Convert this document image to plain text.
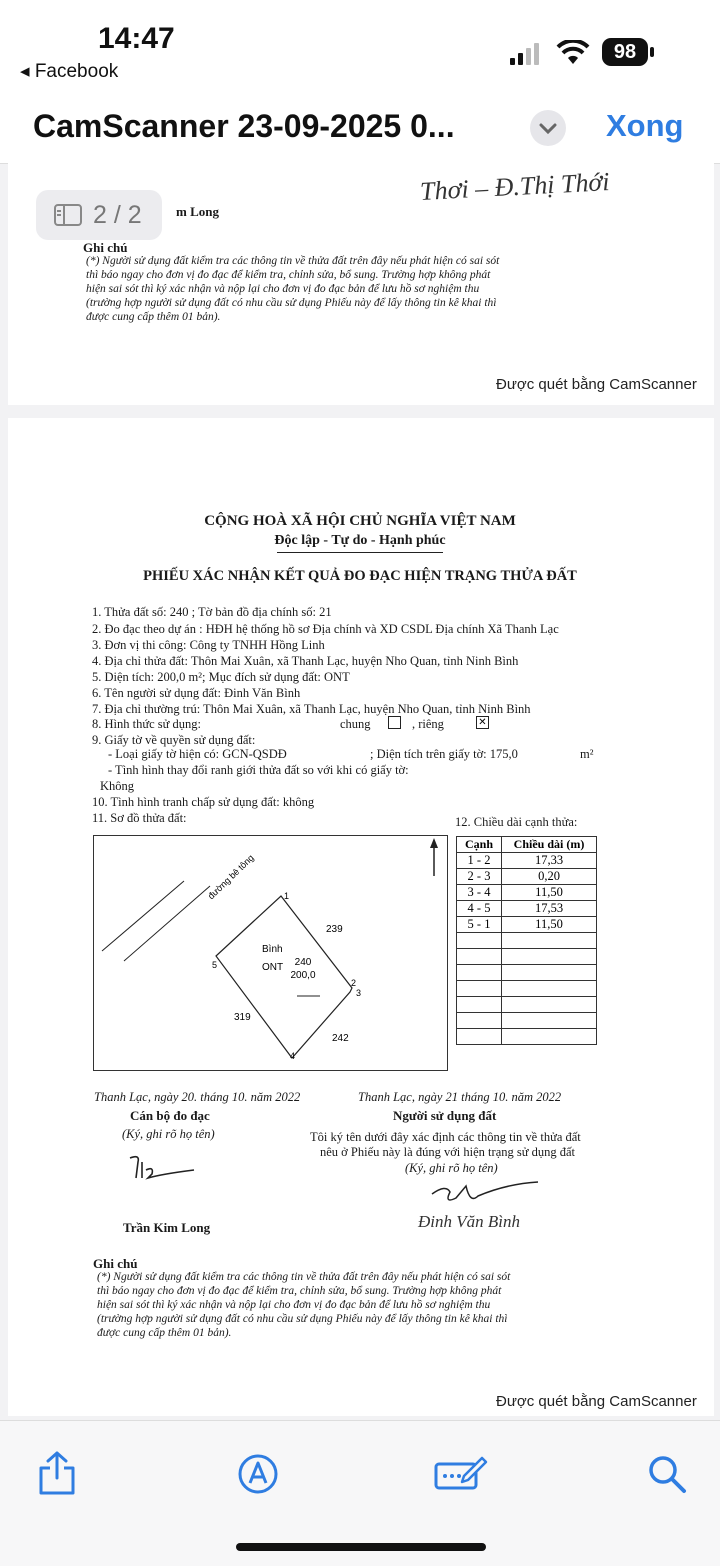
14:47
◂ Facebook
98
CamScanner 23-09-2025 0...	Xong
m Long
Thơi – Đ.Thị Thới
2 / 2
Ghi chú
(*) Người sử dụng đất kiểm tra các thông tin về thửa đất trên đây nếu phát hiện có sai sót
thì báo ngay cho đơn vị đo đạc để kiểm tra, chỉnh sửa, bổ sung. Trường hợp không phát
hiện sai sót thì ký xác nhận và nộp lại cho đơn vị đo đạc bản để lưu hồ sơ nghiệm thu
(trường hợp người sử dụng đất có nhu cầu sử dụng Phiếu này để lấy thông tin kê khai thì
được cung cấp thêm 01 bản).
Được quét bằng CamScanner
CỘNG HOÀ XÃ HỘI CHỦ NGHĨA VIỆT NAM
Độc lập - Tự do - Hạnh phúc
PHIẾU XÁC NHẬN KẾT QUẢ ĐO ĐẠC HIỆN TRẠNG THỬA ĐẤT
1. Thửa đất số: 240 ; Tờ bản đồ địa chính số: 21
2. Đo đạc theo dự án : HĐH hệ thống hồ sơ Địa chính và XD CSDL Địa chính Xã Thanh Lạc
3. Đơn vị thi công: Công ty TNHH Hồng Linh
4. Địa chỉ thửa đất: Thôn Mai Xuân, xã Thanh Lạc, huyện Nho Quan, tỉnh Ninh Bình
5. Diện tích: 200,0 m²; Mục đích sử dụng đất: ONT
6. Tên người sử dụng đất: Đinh Văn Bình
7. Địa chỉ thường trú: Thôn Mai Xuân, xã Thanh Lạc, huyện Nho Quan, tỉnh Ninh Bình
8. Hình thức sử dụng:	chung	, riêng	✕
9. Giấy tờ về quyền sử dụng đất:
- Loại giấy tờ hiện có: GCN-QSDĐ	; Diện tích trên giấy tờ: 175,0	m²
- Tình hình thay đổi ranh giới thửa đất so với khi có giấy tờ:
Không
10. Tình hình tranh chấp sử dụng đất: không
11. Sơ đồ thửa đất:	12. Chiều dài cạnh thửa:
đường bê tông
Bình
ONT	240
200,0
239
319
242
1
2
3
4
5
Cạnh	Chiều dài (m)
1 - 2	17,33
2 - 3	0,20
3 - 4	11,50
4 - 5	17,53
5 - 1	11,50

Thanh Lạc, ngày 20. tháng 10. năm 2022
Cán bộ đo đạc
(Ký, ghi rõ họ tên)
Trần Kim Long
Thanh Lạc, ngày 21 tháng 10. năm 2022
Người sử dụng đất
Tôi ký tên dưới đây xác định các thông tin về thửa đất
nêu ở Phiếu này là đúng với hiện trạng sử dụng đất
(Ký, ghi rõ họ tên)
Đinh Văn Bình
Ghi chú
(*) Người sử dụng đất kiểm tra các thông tin về thửa đất trên đây nếu phát hiện có sai sót
thì báo ngay cho đơn vị đo đạc để kiểm tra, chỉnh sửa, bổ sung. Trường hợp không phát
hiện sai sót thì ký xác nhận và nộp lại cho đơn vị đo đạc bản để lưu hồ sơ nghiệm thu
(trường hợp người sử dụng đất có nhu cầu sử dụng Phiếu này để lấy thông tin kê khai thì
được cung cấp thêm 01 bản).
Được quét bằng CamScanner
